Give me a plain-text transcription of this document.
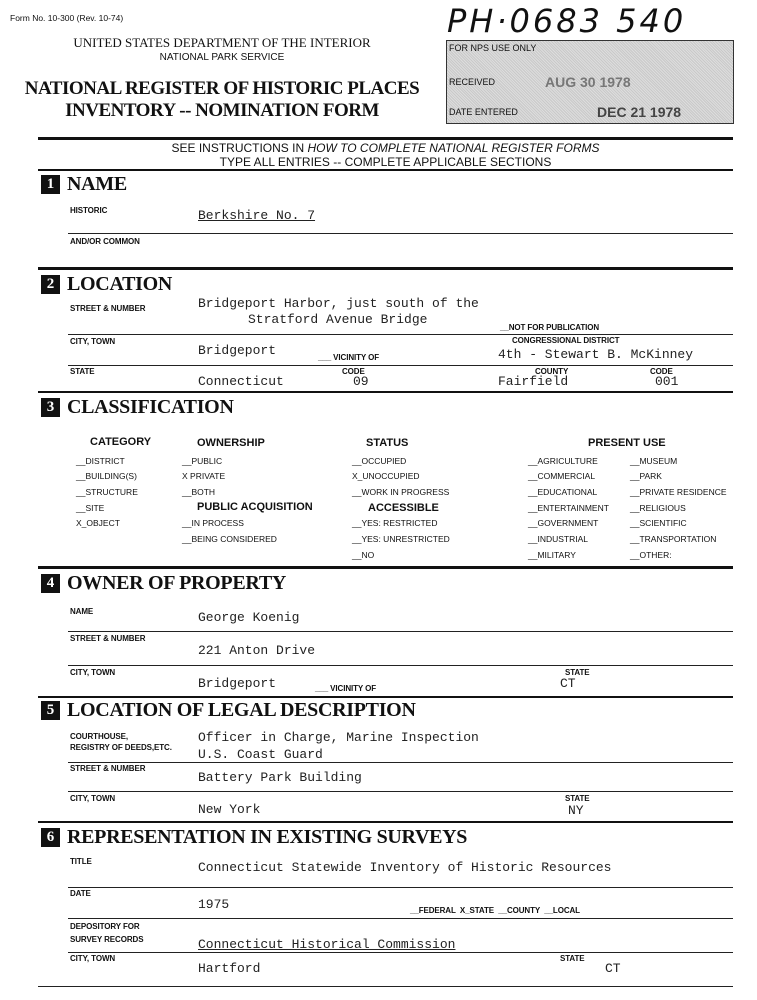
Form No. 10-300 (Rev. 10-74)	PH·0683 540
UNITED STATES DEPARTMENT OF THE INTERIOR
NATIONAL PARK SERVICE
NATIONAL REGISTER OF HISTORIC PLACES
INVENTORY -- NOMINATION FORM
FOR NPS USE ONLY
RECEIVED	AUG 30 1978
DATE ENTERED	DEC 21 1978
SEE INSTRUCTIONS IN HOW TO COMPLETE NATIONAL REGISTER FORMS
TYPE ALL ENTRIES -- COMPLETE APPLICABLE SECTIONS
1 NAME
HISTORIC	Berkshire No. 7
AND/OR COMMON
2 LOCATION
STREET & NUMBER	Bridgeport Harbor, just south of the
Stratford Avenue Bridge
__NOT FOR PUBLICATION
CITY, TOWN	CONGRESSIONAL DISTRICT
Bridgeport	___ VICINITY OF	4th - Stewart B. McKinney
STATE	CODE	COUNTY	CODE
Connecticut	09	Fairfield	001
3 CLASSIFICATION
CATEGORY	OWNERSHIP	STATUS	PRESENT USE
PUBLIC ACQUISITION	ACCESSIBLE
__DISTRICT
__BUILDING(S)
__STRUCTURE
__SITE
X_OBJECT
__PUBLIC
X PRIVATE
__BOTH
__IN PROCESS
__BEING CONSIDERED
__OCCUPIED
X_UNOCCUPIED
__WORK IN PROGRESS
__YES: RESTRICTED
__YES: UNRESTRICTED
__NO
__AGRICULTURE
__COMMERCIAL
__EDUCATIONAL
__ENTERTAINMENT
__GOVERNMENT
__INDUSTRIAL
__MILITARY
__MUSEUM
__PARK
__PRIVATE RESIDENCE
__RELIGIOUS
__SCIENTIFIC
__TRANSPORTATION
__OTHER:
4 OWNER OF PROPERTY
NAME	George Koenig
STREET & NUMBER
221 Anton Drive
CITY, TOWN	STATE
Bridgeport	___ VICINITY OF	CT
5 LOCATION OF LEGAL DESCRIPTION
COURTHOUSE,
REGISTRY OF DEEDS,ETC.
Officer in Charge, Marine Inspection
U.S. Coast Guard
STREET & NUMBER
Battery Park Building
CITY, TOWN	STATE
New York	NY
6 REPRESENTATION IN EXISTING SURVEYS
TITLE	Connecticut Statewide Inventory of Historic Resources
DATE
1975	__FEDERAL  X_STATE  __COUNTY  __LOCAL
DEPOSITORY FOR
SURVEY RECORDS	Connecticut Historical Commission
CITY, TOWN	STATE
Hartford	CT
